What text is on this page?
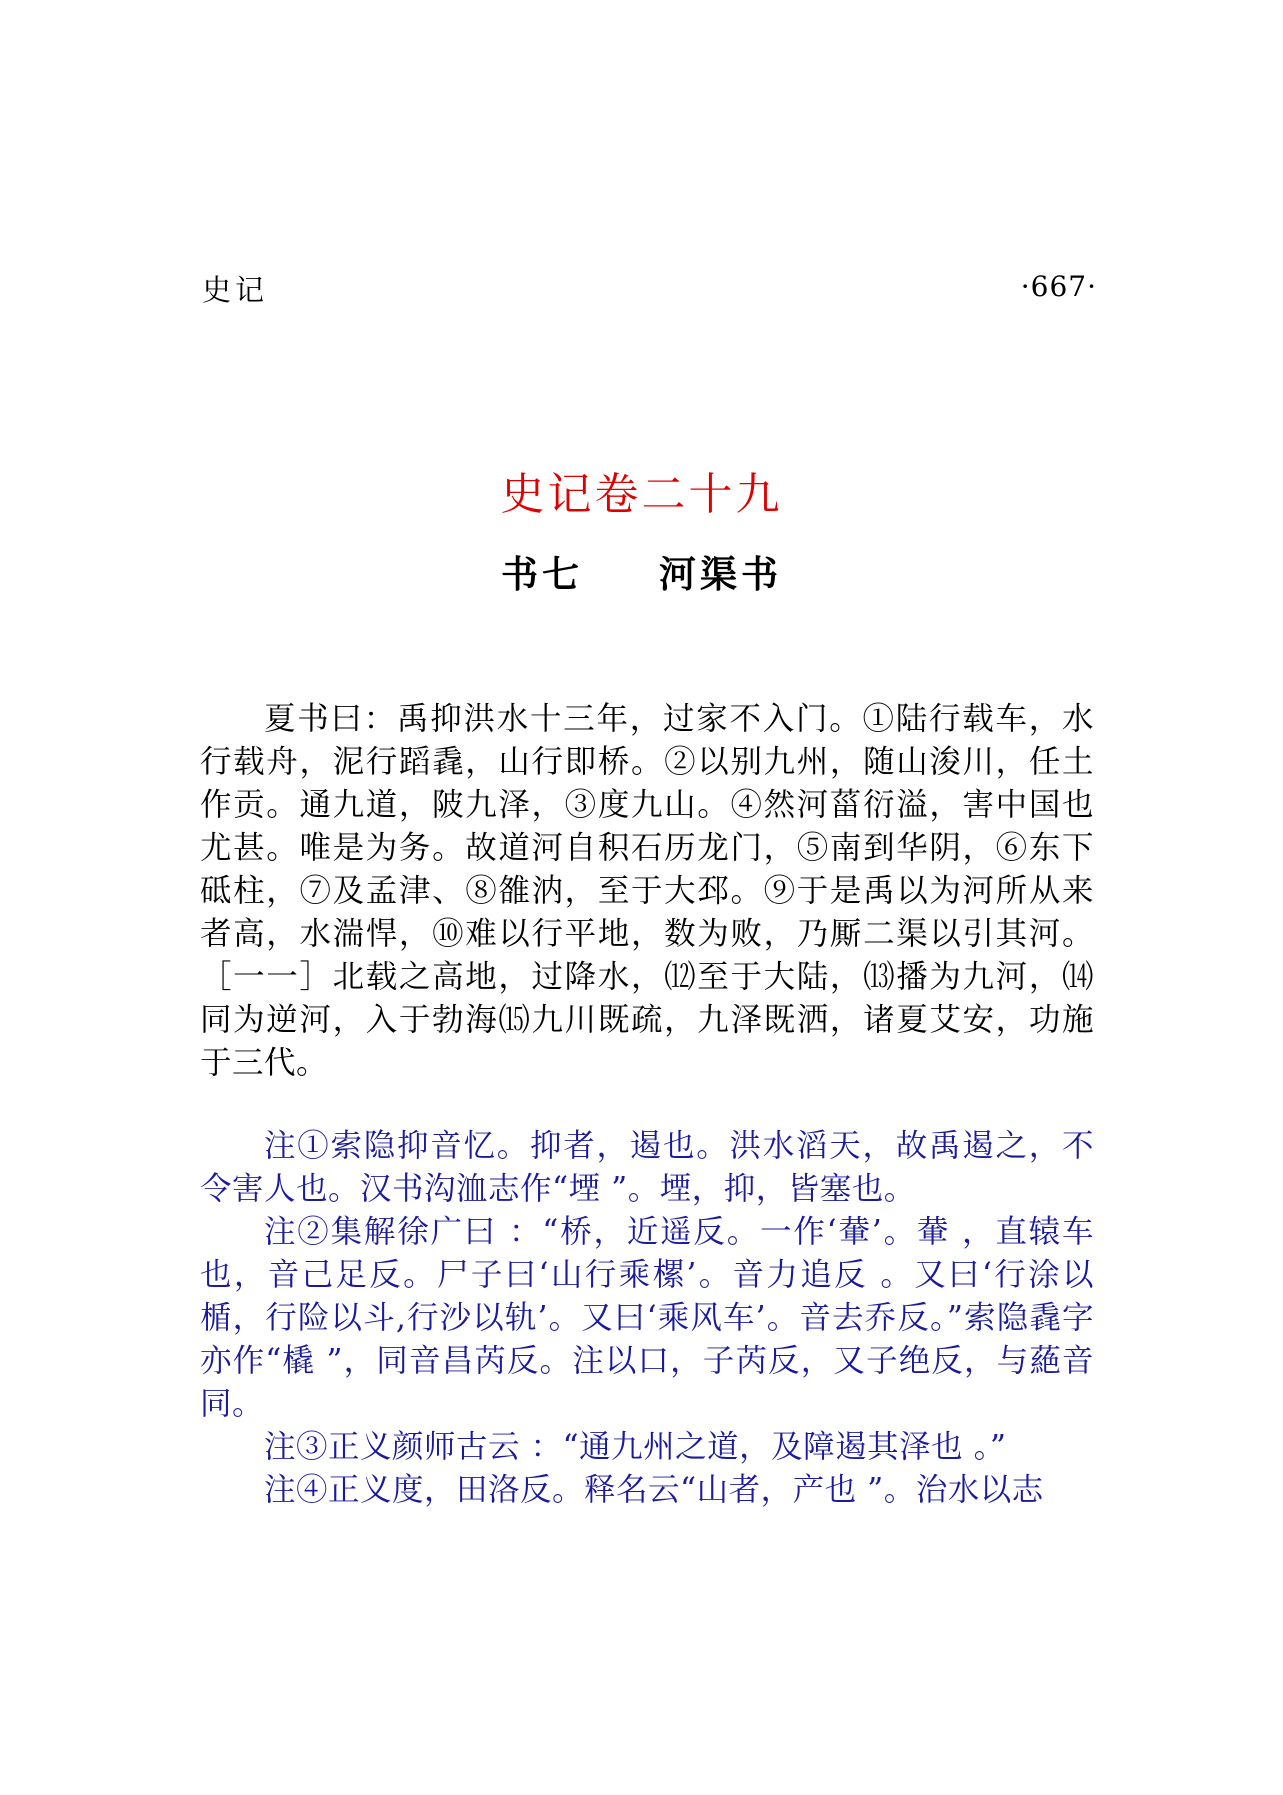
史记	·667·
史记卷二十九
书七 河渠书

夏书曰：禹抑洪水十三年，过家不入门。①陆行载车，水行载舟，泥行蹈毳，山行即桥。②以别九州，随山浚川，任土作贡。通九道，陂九泽，③度九山。④然河菑衍溢，害中国也尤甚。唯是为务。故道河自积石历龙门，⑤南到华阴，⑥东下砥柱，⑦及孟津、⑧雒汭，至于大邳。⑨于是禹以为河所从来者高，水湍悍，⑩难以行平地，数为败，乃厮二渠以引其河。［一一］北载之高地，过降水，⑿至于大陆，⒀播为九河，⒁同为逆河，入于勃海⒂九川既疏，九泽既洒，诸夏艾安，功施于三代。

注①索隐抑音忆。抑者，遏也。洪水滔天，故禹遏之，不令害人也。汉书沟洫志作“堙 ”。堙，抑，皆塞也。

注②集解徐广曰 ：“桥，近遥反。一作‘輂’。輂 ，直辕车也，音己足反。尸子曰‘山行乘樏’。音力追反 。又曰‘行涂以楯，行险以斗,行沙以轨’。又曰‘乘风车’。音去乔反。”索隐毳字亦作“橇 ”，同音昌芮反。注以口，子芮反，又子绝反，与蕝音同。

注③正义颜师古云 ：“通九州之道，及障遏其泽也 。”

注④正义度，田洛反。释名云“山者，产也 ”。治水以志
